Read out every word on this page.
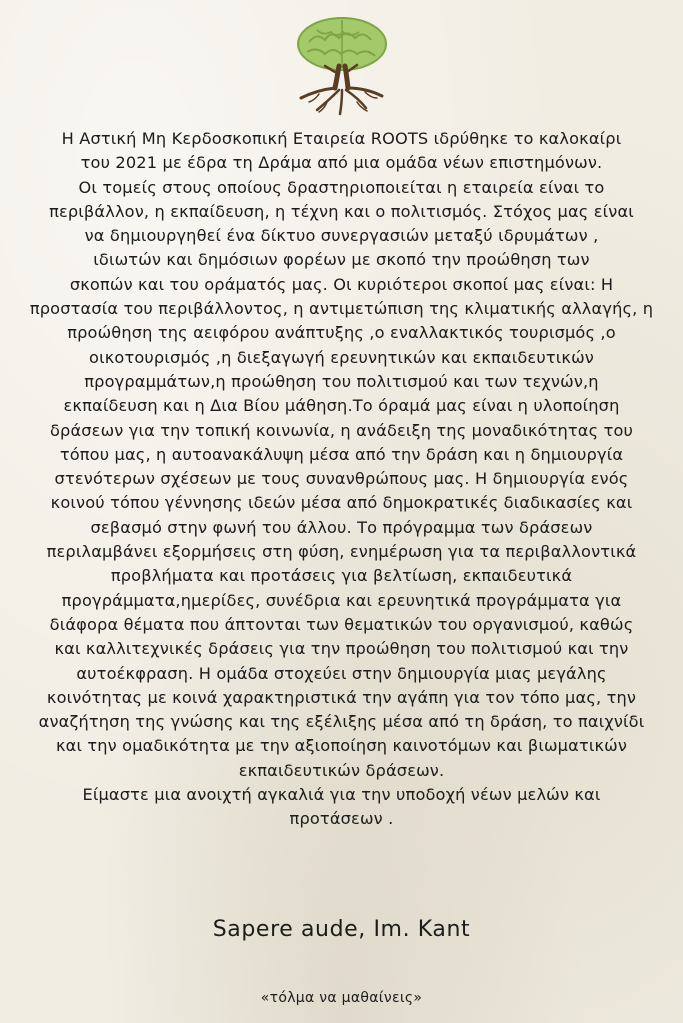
Η Αστική Μη Κερδοσκοπική Εταιρεία ROOTS ιδρύθηκε το καλοκαίρι
του 2021 με έδρα τη Δράμα από μια ομάδα νέων επιστημόνων.
Οι τομείς στους οποίους δραστηριοποιείται η εταιρεία είναι το
περιβάλλον, η εκπαίδευση, η τέχνη και ο πολιτισμός. Στόχος μας είναι
να δημιουργηθεί ένα δίκτυο συνεργασιών μεταξύ ιδρυμάτων ,
ιδιωτών και δημόσιων φορέων με σκοπό την προώθηση των
σκοπών και του οράματός μας. Οι κυριότεροι σκοποί μας είναι: Η
προστασία του περιβάλλοντος, η αντιμετώπιση της κλιματικής αλλαγής, η
προώθηση της αειφόρου ανάπτυξης ,ο εναλλακτικός τουρισμός ,ο
οικοτουρισμός ,η διεξαγωγή ερευνητικών και εκπαιδευτικών
προγραμμάτων,η προώθηση του πολιτισμού και των τεχνών,η
εκπαίδευση και η Δια Βίου μάθηση.Το όραμά μας είναι η υλοποίηση
δράσεων για την τοπική κοινωνία, η ανάδειξη της μοναδικότητας του
τόπου μας, η αυτοανακάλυψη μέσα από την δράση και η δημιουργία
στενότερων σχέσεων με τους συνανθρώπους μας. Η δημιουργία ενός
κοινού τόπου γέννησης ιδεών μέσα από δημοκρατικές διαδικασίες και
σεβασμό στην φωνή του άλλου. Το πρόγραμμα των δράσεων
περιλαμβάνει εξορμήσεις στη φύση, ενημέρωση για τα περιβαλλοντικά
προβλήματα και προτάσεις για βελτίωση, εκπαιδευτικά
προγράμματα,ημερίδες, συνέδρια και ερευνητικά προγράμματα για
διάφορα θέματα που άπτονται των θεματικών του οργανισμού, καθώς
και καλλιτεχνικές δράσεις για την προώθηση του πολιτισμού και την
αυτοέκφραση. Η ομάδα στοχεύει στην δημιουργία μιας μεγάλης
κοινότητας με κοινά χαρακτηριστικά την αγάπη για τον τόπο μας, την
αναζήτηση της γνώσης και της εξέλιξης μέσα από τη δράση, το παιχνίδι
και την ομαδικότητα με την αξιοποίηση καινοτόμων και βιωματικών
εκπαιδευτικών δράσεων.
Είμαστε μια ανοιχτή αγκαλιά για την υποδοχή νέων μελών και
προτάσεων .
Sapere aude, Im. Kant
«τόλμα να μαθαίνεις»
